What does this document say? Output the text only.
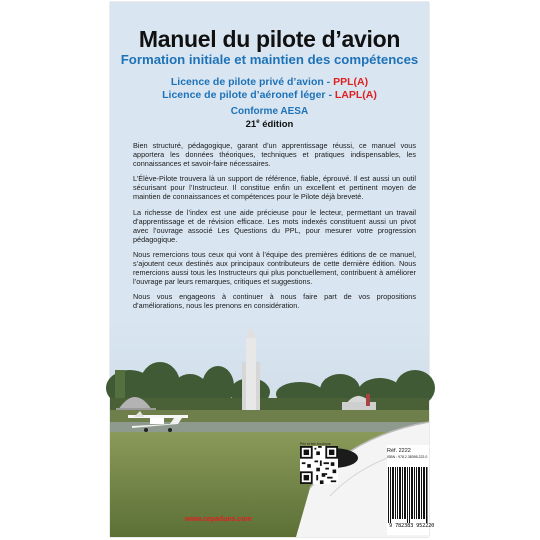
Manuel du pilote d’avion
Formation initiale et maintien des compétences
Licence de pilote privé d’avion - PPL(A)
Licence de pilote d’aéronef léger - LAPL(A)
Conforme AESA
21e édition

Bien structuré, pédagogique, garant d’un apprentissage réussi, ce manuel vous apportera les données théoriques, techniques et pratiques indispensables, les connaissances et savoir-faire nécessaires.

L’Élève-Pilote trouvera là un support de référence, fiable, éprouvé. Il est aussi un outil sécurisant pour l’Instructeur. Il constitue enfin un excellent et pertinent moyen de maintien de connaissances et compétences pour le Pilote déjà breveté.

La richesse de l’index est une aide précieuse pour le lecteur, permettant un travail d’apprentissage et de révision efficace. Les mots indexés constituent aussi un pivot avec l’ouvrage associé Les Questions du PPL, pour mesurer votre progression pédagogique.

Nous remercions tous ceux qui vont à l’équipe des premières éditions de ce manuel, s’ajoutent ceux destinés aux principaux contributeurs de cette dernière édition. Nous remercions aussi tous les Instructeurs qui plus ponctuellement, contribuent à améliorer l’ouvrage par leurs remarques, critiques et suggestions.

Nous vous engageons à continuer à nous faire part de vos propositions d’améliorations, nous les prenons en considération.

Prix et lien boutique
www.cepadues.com
Réf. 2222
ISBN : 978.2.38395.222.0
9 782383 952220
